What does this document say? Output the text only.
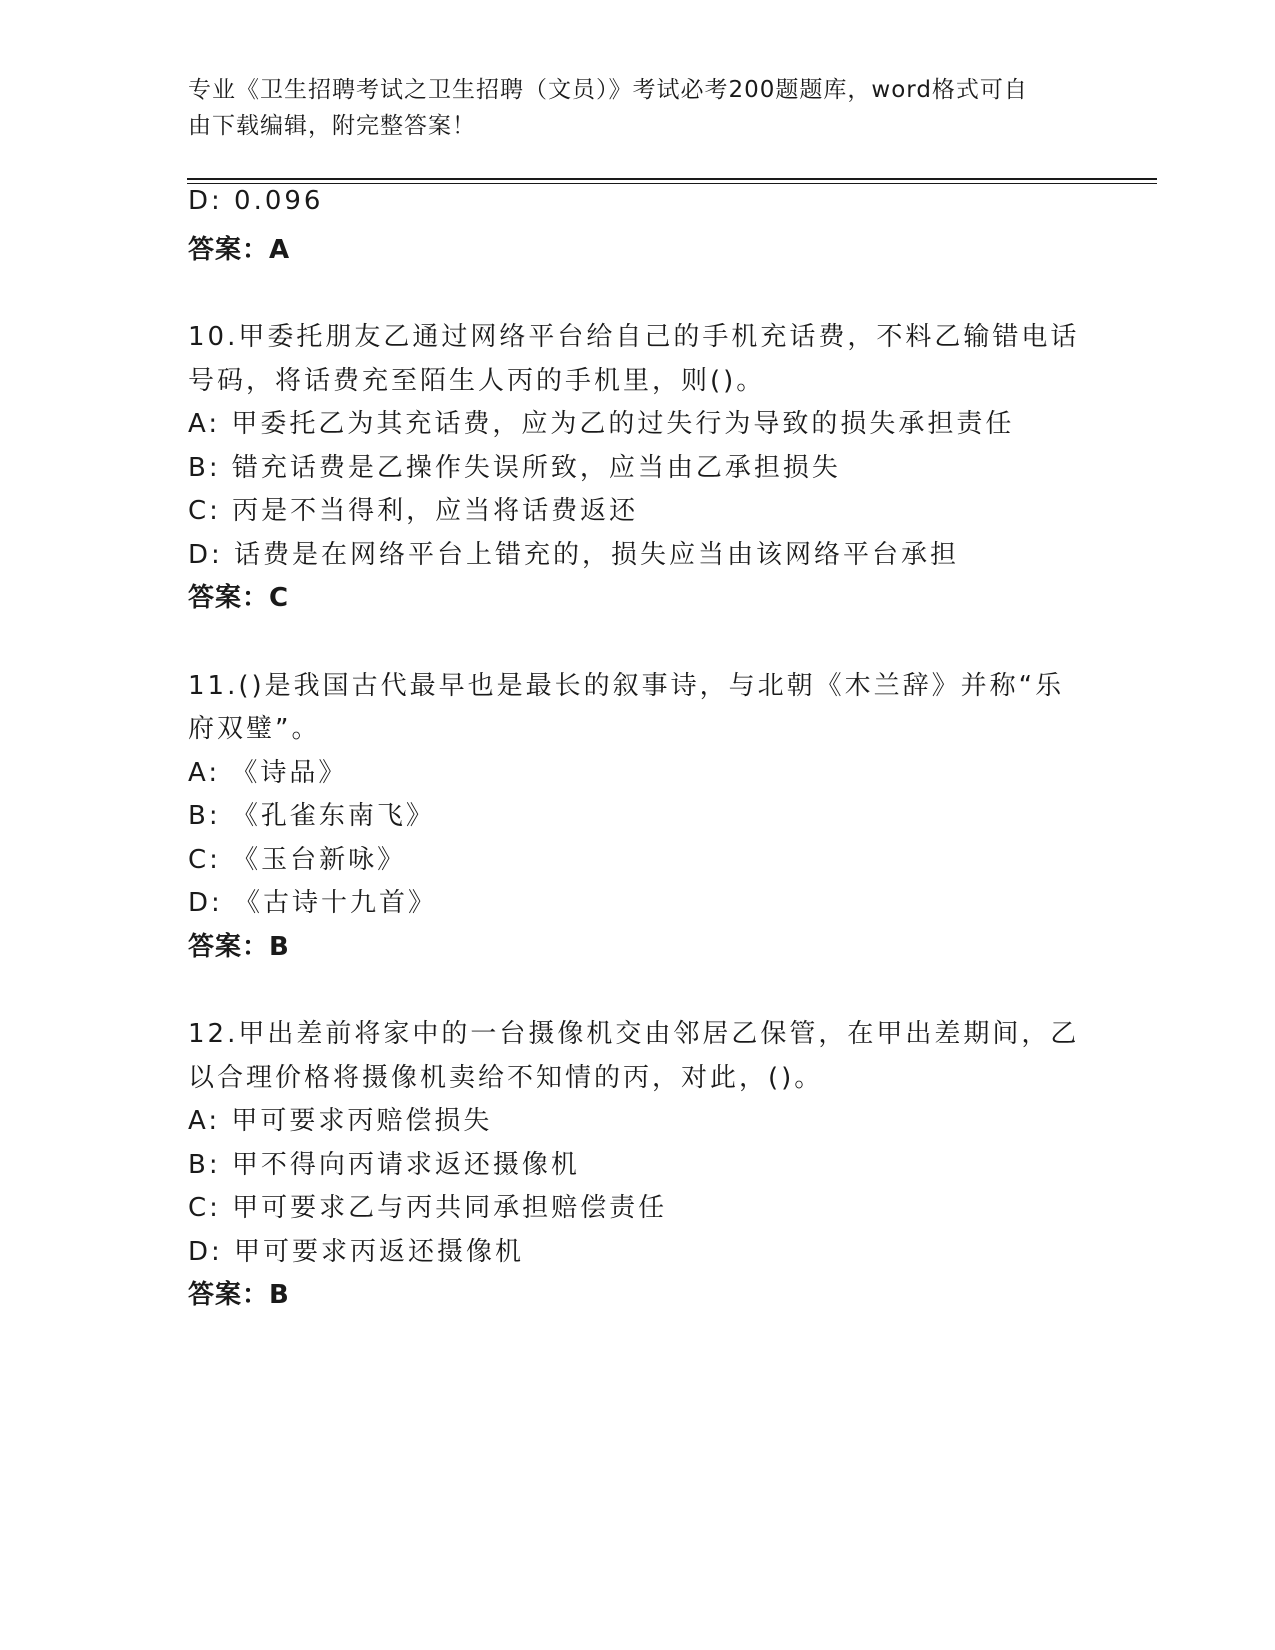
专业《卫生招聘考试之卫生招聘（文员）》考试必考200题题库，word格式可自
由下载编辑，附完整答案！
D: 0.096
答案：A
10.甲委托朋友乙通过网络平台给自己的手机充话费，不料乙输错电话
号码，将话费充至陌生人丙的手机里，则()。
A: 甲委托乙为其充话费，应为乙的过失行为导致的损失承担责任
B: 错充话费是乙操作失误所致，应当由乙承担损失
C: 丙是不当得利，应当将话费返还
D: 话费是在网络平台上错充的，损失应当由该网络平台承担
答案：C
11.()是我国古代最早也是最长的叙事诗，与北朝《木兰辞》并称“乐
府双璧”。
A: 《诗品》
B: 《孔雀东南飞》
C: 《玉台新咏》
D: 《古诗十九首》
答案：B
12.甲出差前将家中的一台摄像机交由邻居乙保管，在甲出差期间，乙
以合理价格将摄像机卖给不知情的丙，对此，()。
A: 甲可要求丙赔偿损失
B: 甲不得向丙请求返还摄像机
C: 甲可要求乙与丙共同承担赔偿责任
D: 甲可要求丙返还摄像机
答案：B
